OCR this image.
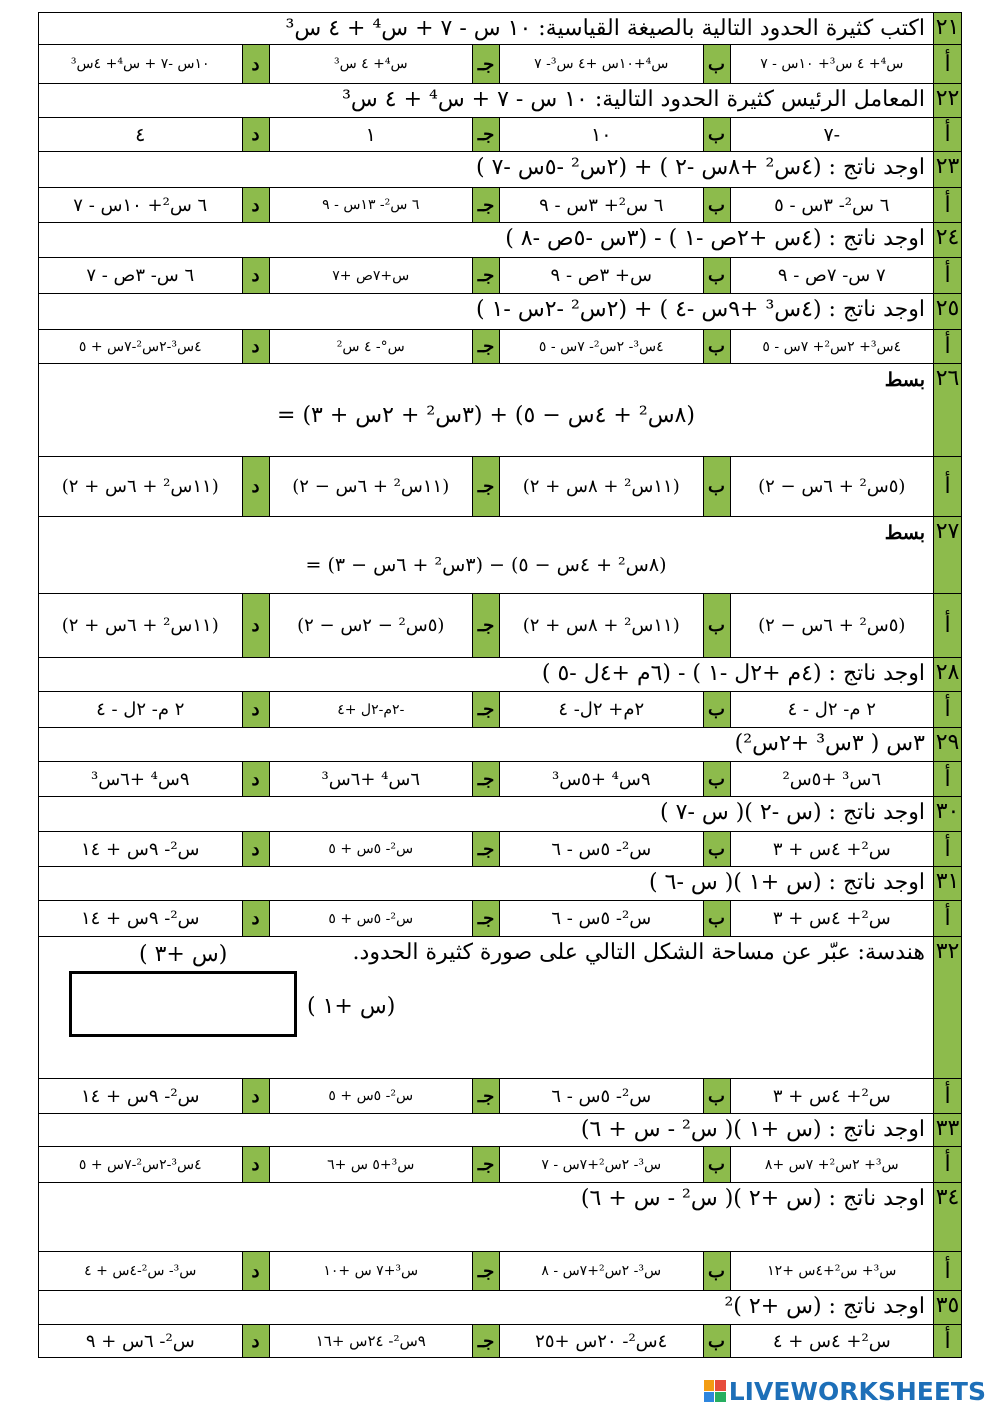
٢١
اكتب كثيرة الحدود التالية بالصيغة القياسية: ١٠ س - ٧ + س⁴ + ٤ س³
أ
س⁴+ ٤ س³+ ١٠س - ٧
ب
س⁴+١٠س +٤ س³- ٧
جـ
س⁴+ ٤ س³
د
١٠س -٧ + س⁴+ ٤س³
٢٢
المعامل الرئيس كثيرة الحدود التالية: ١٠ س - ٧ + س⁴ + ٤ س³
أ
-٧
ب
١٠
جـ
١
د
٤
٢٣
اوجد ناتج : (٤س² +٨س -٢ ) + (٢س² -٥س -٧ )
أ
٦ س²- ٣س - ٥
ب
٦ س²+ ٣س - ٩
جـ
٦ س²- ١٣س - ٩
د
٦ س²+ ١٠س - ٧
٢٤
اوجد ناتج : (٤س +٢ص -١ ) - (٣س -٥ص -٨ )
أ
٧ س- ٧ص - ٩
ب
س+ ٣ص - ٩
جـ
س+٧ص +٧
د
٦ س- ٣ص - ٧
٢٥
اوجد ناتج : (٤س³ +٩س -٤ ) + (٢س² -٢س -١ )
أ
٤س³+ ٢س²+ ٧س - ٥
ب
٤س³- ٢س²- ٧س - ٥
جـ
س°- ٤ س²
د
٤س³-٢س²-٧س + ٥
٢٦
بسط
(٨س² + ٤س − ٥) + (٣س² + ٢س + ٣) =
أ
(٥س² + ٦س − ٢)
ب
(١١س² + ٨س + ٢)
جـ
(١١س² + ٦س − ٢)
د
(١١س² + ٦س + ٢)
٢٧
بسط
(٨س² + ٤س − ٥) − (٣س² + ٦س − ٣) =
أ
(٥س² + ٦س − ٢)
ب
(١١س² + ٨س + ٢)
جـ
(٥س² − ٢س − ٢)
د
(١١س² + ٦س + ٢)
٢٨
اوجد ناتج : (٤م +٢ل -١ ) - (٦م +٤ل -٥ )
أ
٢ م- ٢ل - ٤
ب
٢م+ ٢ل- ٤
جـ
-٢م-٢ل +٤
د
٢ م- ٢ل - ٤
٢٩
٣س ( ٣س³ +٢س²)
أ
٦س³ +٥س²
ب
٩س⁴ +٥س³
جـ
٦س⁴ +٦س³
د
٩س⁴ +٦س³
٣٠
اوجد ناتج : (س -٢ )( س -٧ )
أ
س²+ ٤س + ٣
ب
س²- ٥س - ٦
جـ
س²- ٥س + ٥
د
س²- ٩س + ١٤
٣١
اوجد ناتج : (س +١ )( س -٦ )
أ
س²+ ٤س + ٣
ب
س²- ٥س - ٦
جـ
س²- ٥س + ٥
د
س²- ٩س + ١٤
٣٢
هندسة: عبّر عن مساحة الشكل التالي على صورة كثيرة الحدود.
(س +٣ )
(س +١ )
أ
س²+ ٤س + ٣
ب
س²- ٥س - ٦
جـ
س²- ٥س + ٥
د
س²- ٩س + ١٤
٣٣
اوجد ناتج : (س +١ )( س² - س + ٦)
أ
س³+ ٢س²+ ٧س +٨
ب
س³- ٢س²+٧س - ٧
جـ
س³+٥ س +٦
د
٤س³-٢س²-٧س + ٥
٣٤
اوجد ناتج : (س +٢ )( س² - س + ٦)
أ
س³+ س²+٤س +١٢
ب
س³- ٢س²+٧س - ٨
جـ
س³+٧ س +١٠
د
س³- س²-٤س + ٤
٣٥
اوجد ناتج : (س +٢ )²
أ
س²+ ٤س + ٤
ب
٤س²- ٢٠س +٢٥
جـ
٩س²- ٢٤س +١٦
د
س²- ٦س + ٩
LIVEWORKSHEETS
